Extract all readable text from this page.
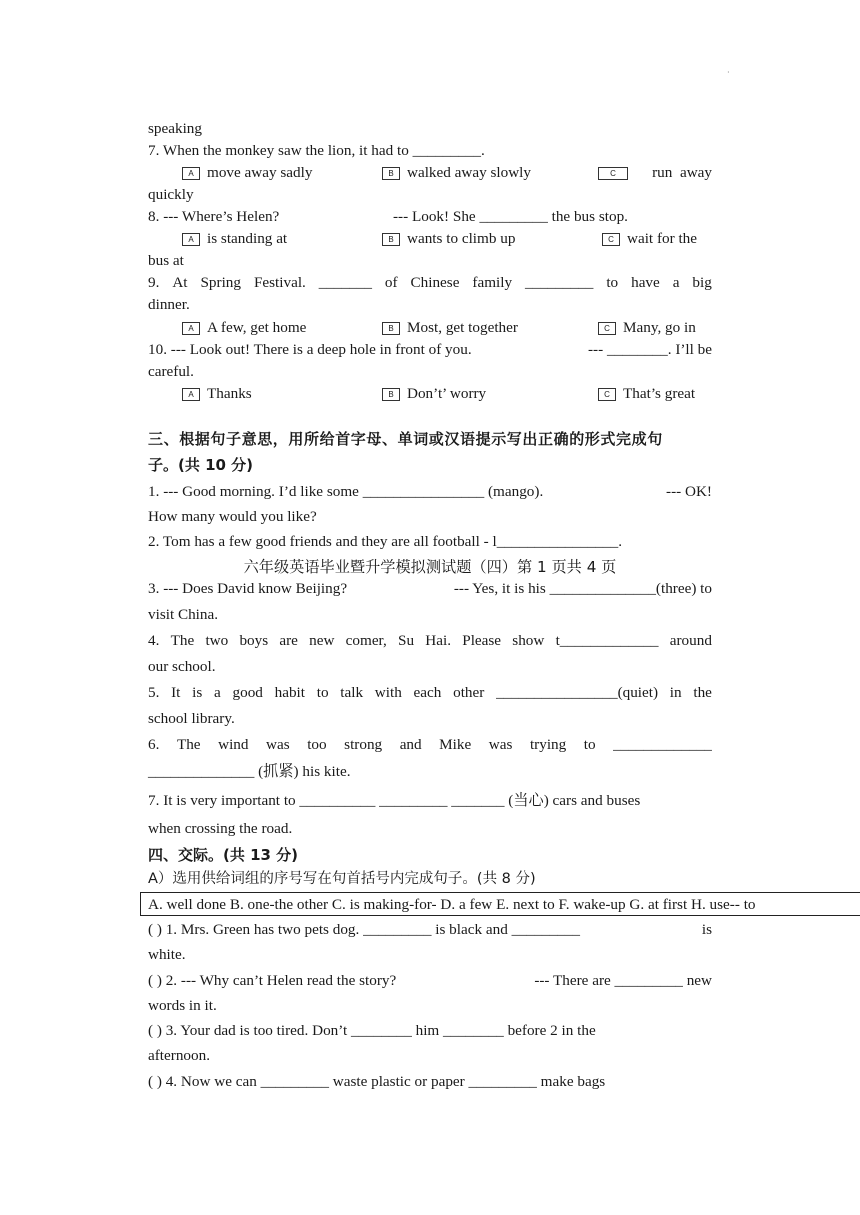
·
speaking
7. When the monkey saw the lion, it had to _________.
A move away sadly	B walked away slowly	C run  away
quickly
8. --- Where’s Helen?	--- Look! She _________ the bus stop.
A is standing at	B wants to climb up	C wait for the
bus at
9. At Spring Festival. _______ of Chinese family _________ to have a big
dinner.
A A few, get home	B Most, get together	C Many, go in
10. --- Look out! There is a deep hole in front of you.	--- ________. I’ll be
careful.
A Thanks	B Don’t’ worry	C That’s great
三、根据句子意思，用所给首字母、单词或汉语提示写出正确的形式完成句
子。(共 10 分)
1. --- Good morning. I’d like some ________________ (mango).	--- OK!
How many would you like?
2. Tom has a few good friends and they are all football - l________________.
六年级英语毕业暨升学模拟测试题（四）第 1 页共 4 页
3. --- Does David know Beijing?	--- Yes, it is his ______________(three) to
visit China.
4. The two boys are new comer, Su Hai. Please show t_____________ around
our school.
5. It is a good habit to talk with each other ________________(quiet) in the
school library.
6. The wind was too strong and Mike was trying to _____________
______________ (抓紧) his kite.
7. It is very important to __________ _________ _______ (当心) cars and buses
when crossing the road.
四、交际。(共 13 分)
A）选用供给词组的序号写在句首括号内完成句子。(共 8 分)
A. well done B. one-the other C. is making-for- D. a few E. next to F. wake-up G. at first H. use-- to
( ) 1. Mrs. Green has two pets dog. _________ is black and _________	is
white.
( ) 2. --- Why can’t Helen read the story?	--- There are _________ new
words in it.
( ) 3. Your dad is too tired. Don’t ________ him ________ before 2 in the
afternoon.
( ) 4. Now we can _________ waste plastic or paper _________ make bags
